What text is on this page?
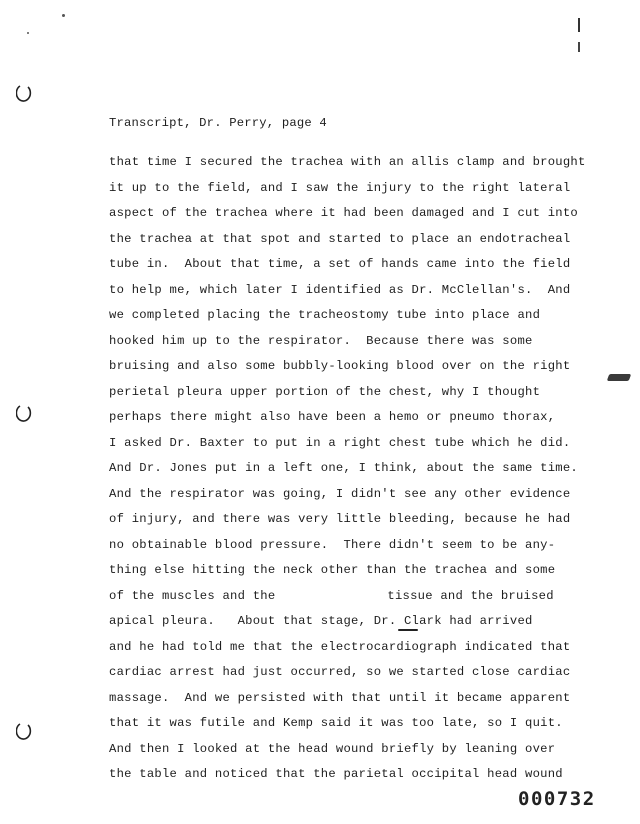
Transcript, Dr. Perry, page 4
that time I secured the trachea with an allis clamp and brought
it up to the field, and I saw the injury to the right lateral
aspect of the trachea where it had been damaged and I cut into
the trachea at that spot and started to place an endotracheal
tube in.  About that time, a set of hands came into the field
to help me, which later I identified as Dr. McClellan's.  And
we completed placing the tracheostomy tube into place and
hooked him up to the respirator.  Because there was some
bruising and also some bubbly-looking blood over on the right
perietal pleura upper portion of the chest, why I thought
perhaps there might also have been a hemo or pneumo thorax,
I asked Dr. Baxter to put in a right chest tube which he did.
And Dr. Jones put in a left one, I think, about the same time.
And the respirator was going, I didn't see any other evidence
of injury, and there was very little bleeding, because he had
no obtainable blood pressure.  There didn't seem to be any-
thing else hitting the neck other than the trachea and some
of the muscles and the	tissue and the bruised
apical pleura.   About that stage, Dr. Clark had arrived
and he had told me that the electrocardiograph indicated that
cardiac arrest had just occurred, so we started close cardiac
massage.  And we persisted with that until it became apparent
that it was futile and Kemp said it was too late, so I quit.
And then I looked at the head wound briefly by leaning over
the table and noticed that the parietal occipital head wound
000732
